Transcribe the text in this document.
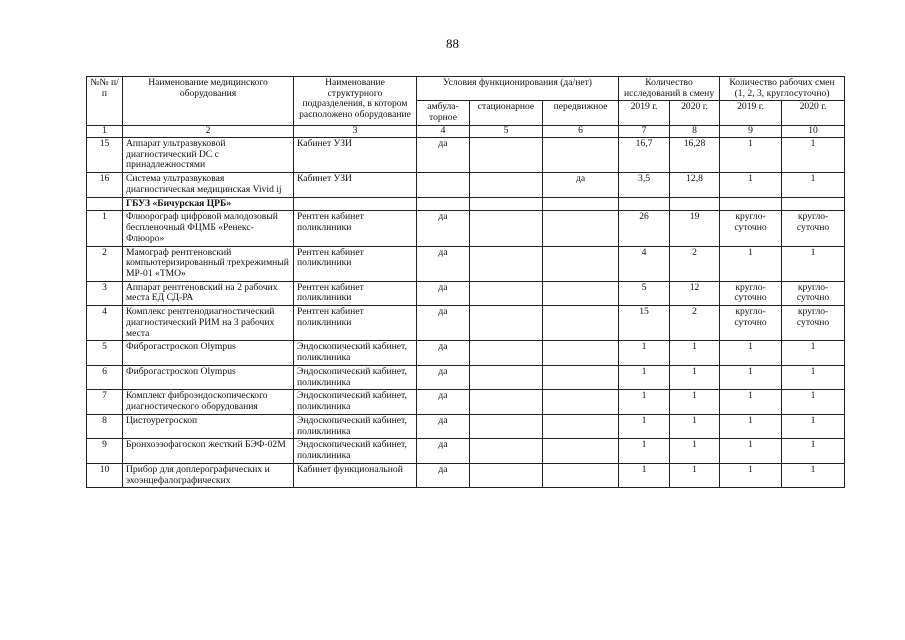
88
№№ п/п	Наименование медицинского оборудования	Наименование структурного подразделения, в котором расположено оборудование	Условия функционирования (да/нет)			Количество исследований в смену		Количество рабочих смен (1, 2, 3, круглосуточно)	
			амбула-торное	стационарное	передвижное	2019 г.	2020 г.	2019 г.	2020 г.
1	2	3	4	5	6	7	8	9	10
15	Аппарат ультразвуковой диагностический DC с принадлежностями	Кабинет УЗИ	да			16,7	16,28	1	1
16	Система ультразвуковая диагностическая медицинская Vivid ij	Кабинет УЗИ			да	3,5	12,8	1	1
	ГБУЗ «Бичурская ЦРБ»								
1	Флюорограф цифровой малодозовый беспленочный ФЦМБ «Ренекс-Флюоро»	Рентген кабинет поликлиники	да			26	19	кругло-суточно	кругло-суточно
2	Мамограф рентгеновский компьютеризированный трехрежимный МР-01 «ТМО»	Рентген кабинет поликлиники	да			4	2	1	1
3	Аппарат рентгеновский на 2 рабочих места ЕД СД-РА	Рентген кабинет поликлиники	да			5	12	кругло-суточно	кругло-суточно
4	Комплекс рентгенодиагностический диагностический РИМ на 3 рабочих места	Рентген кабинет поликлиники	да			15	2	кругло-суточно	кругло-суточно
5	Фиброгастроскоп Olympus	Эндоскопический кабинет, поликлиника	да			1	1	1	1
6	Фиброгастроскоп Olympus	Эндоскопический кабинет, поликлиника	да			1	1	1	1
7	Комплект фиброэндоскопического диагностического оборудования	Эндоскопический кабинет, поликлиника	да			1	1	1	1
8	Цистоуретроскоп	Эндоскопический кабинет, поликлиника	да			1	1	1	1
9	Бронхоэзофагоскоп жесткий БЭФ-02М	Эндоскопический кабинет, поликлиника	да			1	1	1	1
10	Прибор для доплерографических и эхоэнцефалографических	Кабинет функциональной	да			1	1	1	1
